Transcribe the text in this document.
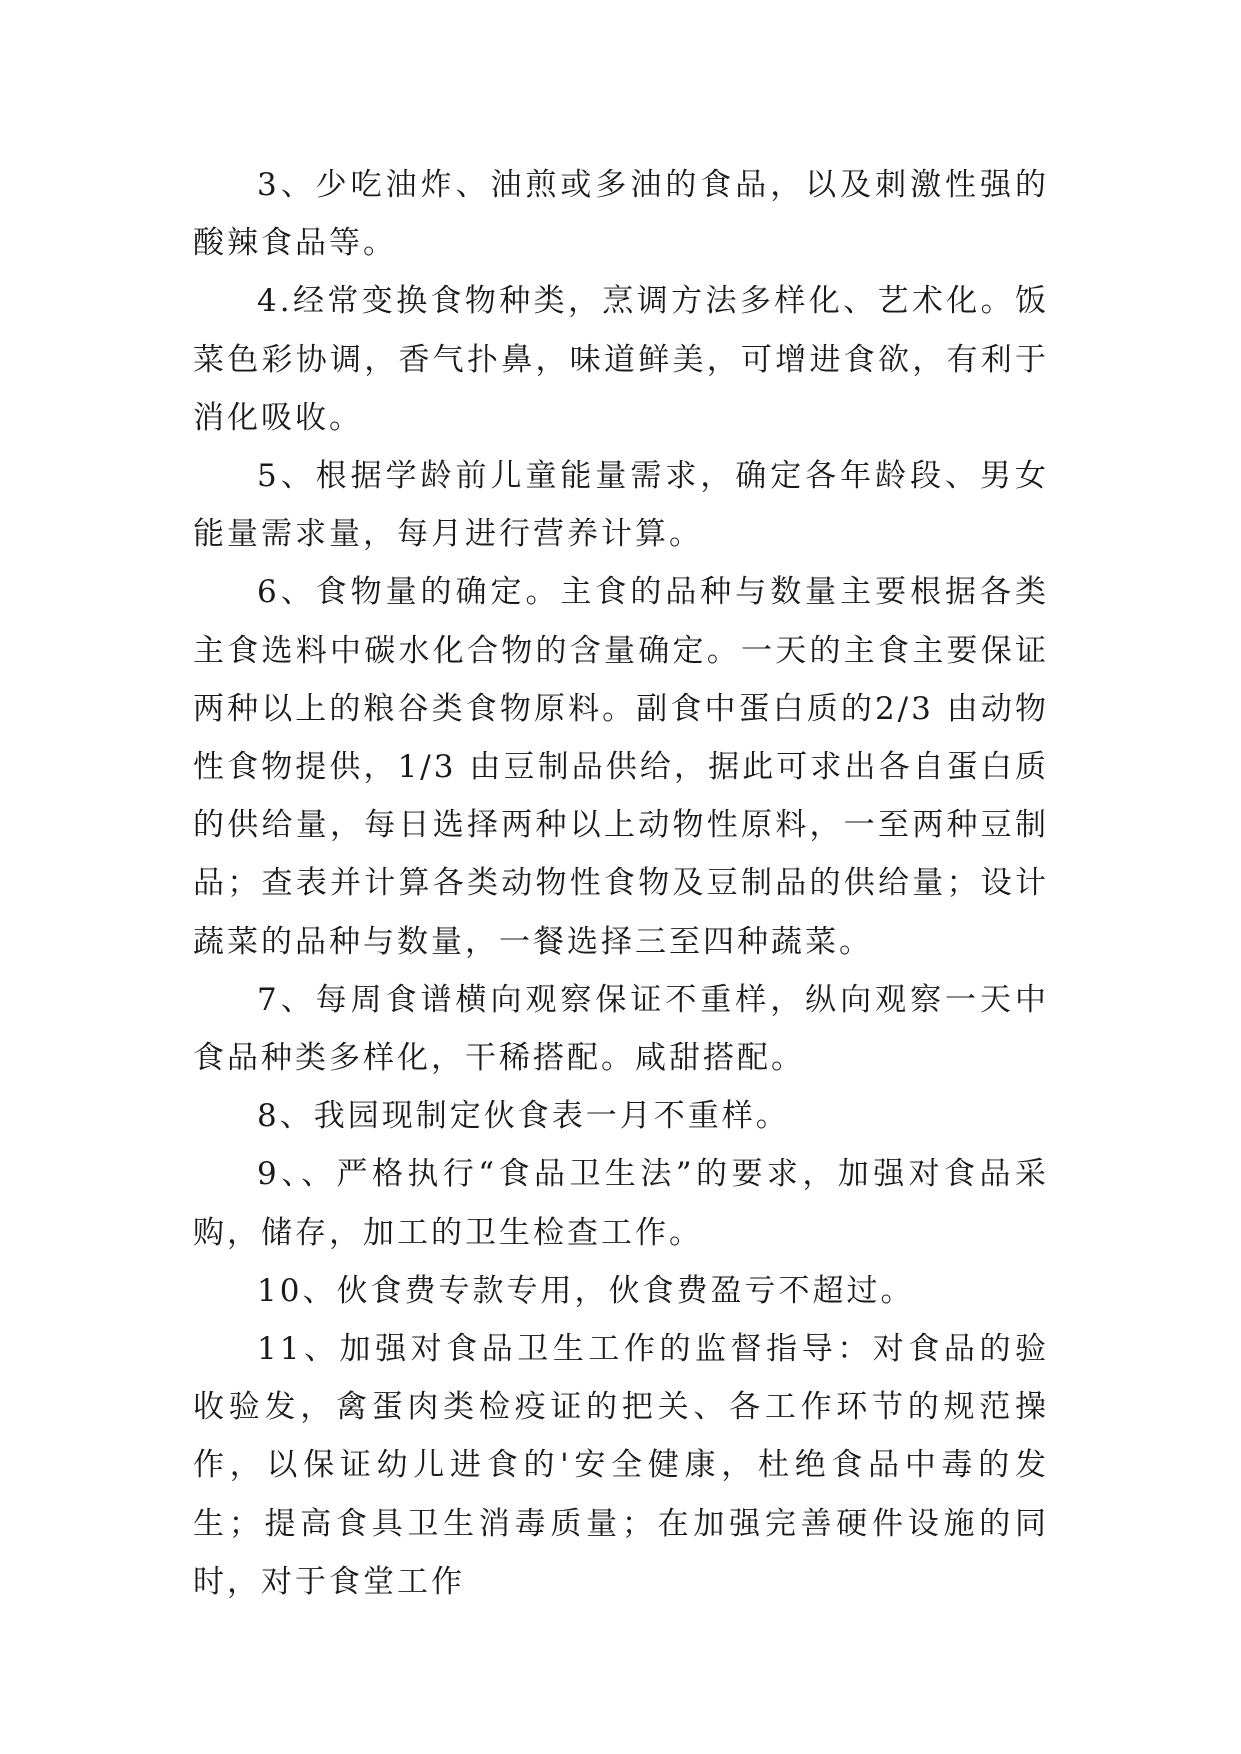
3、少吃油炸、油煎或多油的食品，以及刺激性强的酸辣食品等。

4.经常变换食物种类，烹调方法多样化、艺术化。饭菜色彩协调，香气扑鼻，味道鲜美，可增进食欲，有利于消化吸收。

5、根据学龄前儿童能量需求，确定各年龄段、男女能量需求量，每月进行营养计算。

6、食物量的确定。主食的品种与数量主要根据各类主食选料中碳水化合物的含量确定。一天的主食主要保证两种以上的粮谷类食物原料。副食中蛋白质的2/3 由动物性食物提供，1/3 由豆制品供给，据此可求出各自蛋白质的供给量，每日选择两种以上动物性原料，一至两种豆制品；查表并计算各类动物性食物及豆制品的供给量；设计蔬菜的品种与数量，一餐选择三至四种蔬菜。

7、每周食谱横向观察保证不重样，纵向观察一天中食品种类多样化，干稀搭配。咸甜搭配。

8、我园现制定伙食表一月不重样。

9、、严格执行“食品卫生法”的要求，加强对食品采购，储存，加工的卫生检查工作。

10、伙食费专款专用，伙食费盈亏不超过。

11、加强对食品卫生工作的监督指导：对食品的验收验发，禽蛋肉类检疫证的把关、各工作环节的规范操作，以保证幼儿进食的'安全健康，杜绝食品中毒的发生；提高食具卫生消毒质量；在加强完善硬件设施的同时，对于食堂工作
